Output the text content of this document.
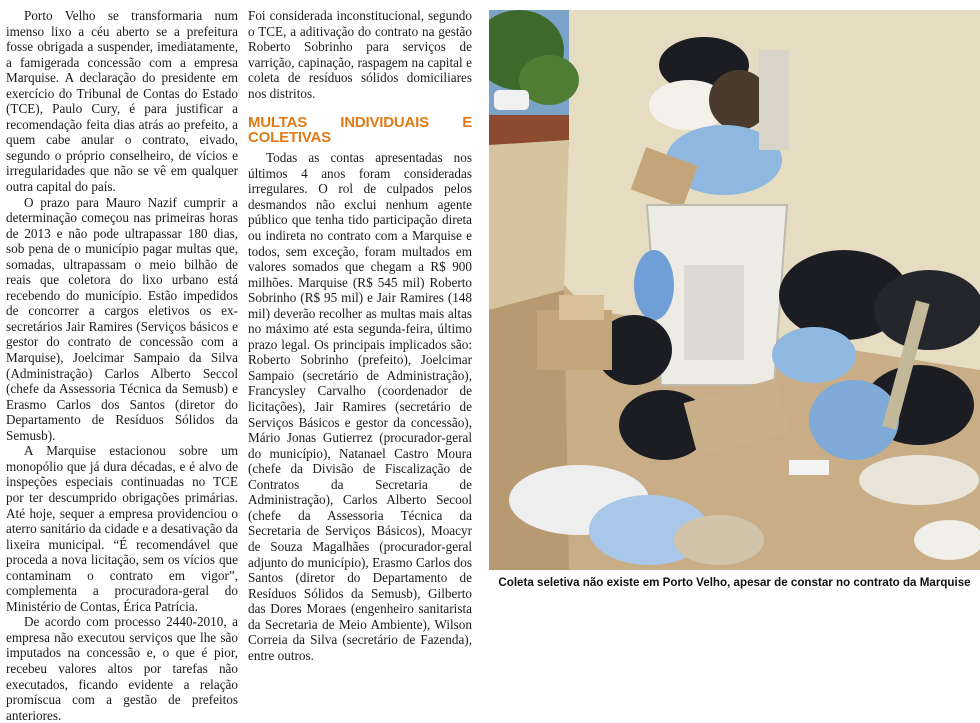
Porto Velho se transformaria num imenso lixo a céu aberto se a prefeitura fosse obrigada a suspender, imediatamente, a famigerada concessão com a empresa Marquise. A declaração do presidente em exercício do Tribunal de Contas do Estado (TCE), Paulo Cury, é para justificar a recomendação feita dias atrás ao prefeito, a quem cabe anular o contrato, eivado, segundo o próprio conselheiro, de vícios e irregularidades que não se vê em qualquer outra capital do país.

O prazo para Mauro Nazif cumprir a determinação começou nas primeiras horas de 2013 e não pode ultrapassar 180 dias, sob pena de o município pagar multas que, somadas, ultrapassam o meio bilhão de reais que coletora do lixo urbano está recebendo do município. Estão impedidos de concorrer a cargos eletivos os ex-secretários Jair Ramires (Serviços básicos e gestor do contrato de concessão com a Marquise), Joelcimar Sampaio da Silva (Administração) Carlos Alberto Seccol (chefe da Assessoria Técnica da Semusb) e Erasmo Carlos dos Santos (diretor do Departamento de Resíduos Sólidos da Semusb).

A Marquise estacionou sobre um monopólio que já dura décadas, e é alvo de inspeções especiais continuadas no TCE por ter descumprido obrigações primárias. Até hoje, sequer a empresa providenciou o aterro sanitário da cidade e a desativação da lixeira municipal. “É recomendável que proceda a nova licitação, sem os vícios que contaminam o contrato em vigor”, complementa a procuradora-geral do Ministério de Contas, Érica Patrícia.

De acordo com processo 2440-2010, a empresa não executou serviços que lhe são imputados na concessão e, o que é pior, recebeu valores altos por tarefas não executados, ficando evidente a relação promíscua com a gestão de prefeitos anteriores.

Foi considerada inconstitucional, segundo o TCE, a aditivação do contrato na gestão Roberto Sobrinho para serviços de varrição, capinação, raspagem na capital e coleta de resíduos sólidos domiciliares nos distritos.

MULTAS INDIVIDUAIS E COLETIVAS

Todas as contas apresentadas nos últimos 4 anos foram consideradas irregulares. O rol de culpados pelos desmandos não exclui nenhum agente público que tenha tido participação direta ou indireta no contrato com a Marquise e todos, sem exceção, foram multados em valores somados que chegam a R$ 900 milhões. Marquise (R$ 545 mil) Roberto Sobrinho (R$ 95 mil) e Jair Ramires (148 mil) deverão recolher as multas mais altas no máximo até esta segunda-feira, último prazo legal. Os principais implicados são: Roberto Sobrinho (prefeito), Joelcimar Sampaio (secretário de Administração), Francysley Carvalho (coordenador de licitações), Jair Ramires (secretário de Serviços Básicos e gestor da concessão), Mário Jonas Gutierrez (procurador-geral do município), Natanael Castro Moura (chefe da Divisão de Fiscalização de Contratos da Secretaria de Administração), Carlos Alberto Secool (chefe da Assessoria Técnica da Secretaria de Serviços Básicos), Moacyr de Souza Magalhães (procurador-geral adjunto do município), Erasmo Carlos dos Santos (diretor do Departamento de Resíduos Sólidos da Semusb), Gilberto das Dores Moraes (engenheiro sanitarista da Secretaria de Meio Ambiente), Wilson Correia da Silva (secretário de Fazenda), entre outros.

Coleta seletiva não existe em Porto Velho, apesar de constar no contrato da Marquise
